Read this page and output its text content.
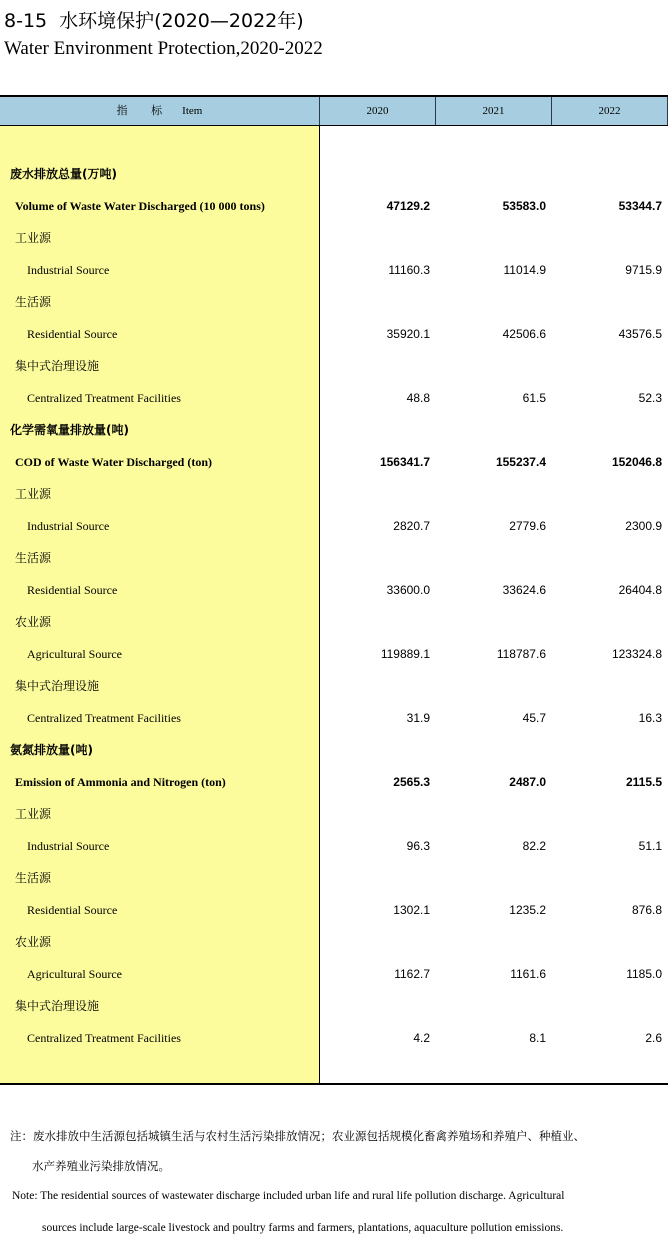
8-15 水环境保护(2020—2022年)
Water Environment Protection,2020-2022
指 标 Item	2020	2021	2022
废水排放总量(万吨)
Volume of Waste Water Discharged (10 000 tons)	47129.2	53583.0	53344.7
工业源
Industrial Source	11160.3	11014.9	9715.9
生活源
Residential Source	35920.1	42506.6	43576.5
集中式治理设施
Centralized Treatment Facilities	48.8	61.5	52.3
化学需氧量排放量(吨)
COD of Waste Water Discharged (ton)	156341.7	155237.4	152046.8
工业源
Industrial Source	2820.7	2779.6	2300.9
生活源
Residential Source	33600.0	33624.6	26404.8
农业源
Agricultural Source	119889.1	118787.6	123324.8
集中式治理设施
Centralized Treatment Facilities	31.9	45.7	16.3
氨氮排放量(吨)
Emission of Ammonia and Nitrogen (ton)	2565.3	2487.0	2115.5
工业源
Industrial Source	96.3	82.2	51.1
生活源
Residential Source	1302.1	1235.2	876.8
农业源
Agricultural Source	1162.7	1161.6	1185.0
集中式治理设施
Centralized Treatment Facilities	4.2	8.1	2.6
注：废水排放中生活源包括城镇生活与农村生活污染排放情况；农业源包括规模化畜禽养殖场和养殖户、种植业、
水产养殖业污染排放情况。
Note: The residential sources of wastewater discharge included urban life and rural life pollution discharge. Agricultural
sources include large-scale livestock and poultry farms and farmers, plantations, aquaculture pollution emissions.
